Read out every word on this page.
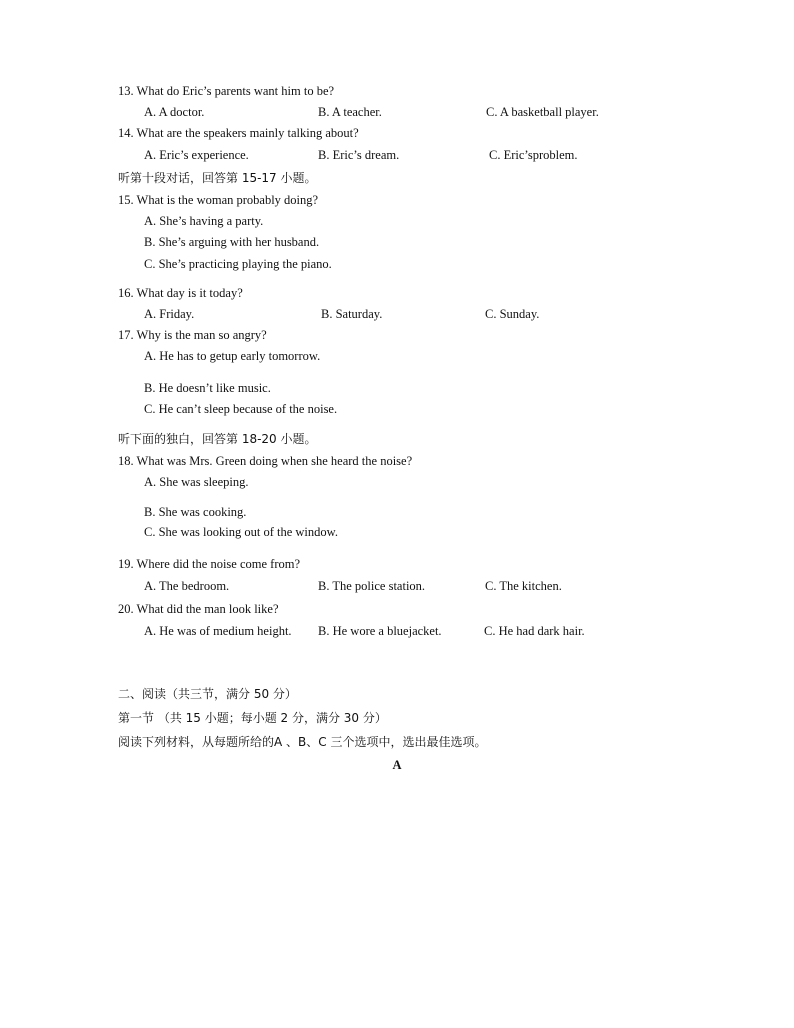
13. What do Eric’s parents want him to be?
A. A doctor.	B. A teacher.	C. A basketball player.
14. What are the speakers mainly talking about?
A. Eric’s experience.	B. Eric’s dream.	C. Eric’sproblem.
听第十段对话，回答第 15-17 小题。
15. What is the woman probably doing?
A. She’s having a party.
B. She’s arguing with her husband.
C. She’s practicing playing the piano.
16. What day is it today?
A. Friday.	B. Saturday.	C. Sunday.
17. Why is the man so angry?
A. He has to getup early tomorrow.
B. He doesn’t like music.
C. He can’t sleep because of the noise.
听下面的独白，回答第 18-20 小题。
18. What was Mrs. Green doing when she heard the noise?
A. She was sleeping.
B. She was cooking.
C. She was looking out of the window.
19. Where did the noise come from?
A. The bedroom.	B. The police station.	C. The kitchen.
20. What did the man look like?
A. He was of medium height. B. He wore a bluejacket.	C. He had dark hair.
二、阅读（共三节，满分 50 分）
第一节 （共 15 小题；每小题 2 分，满分 30 分）
阅读下列材料，从每题所给的A 、B、C 三个选项中，选出最佳选项。
A
